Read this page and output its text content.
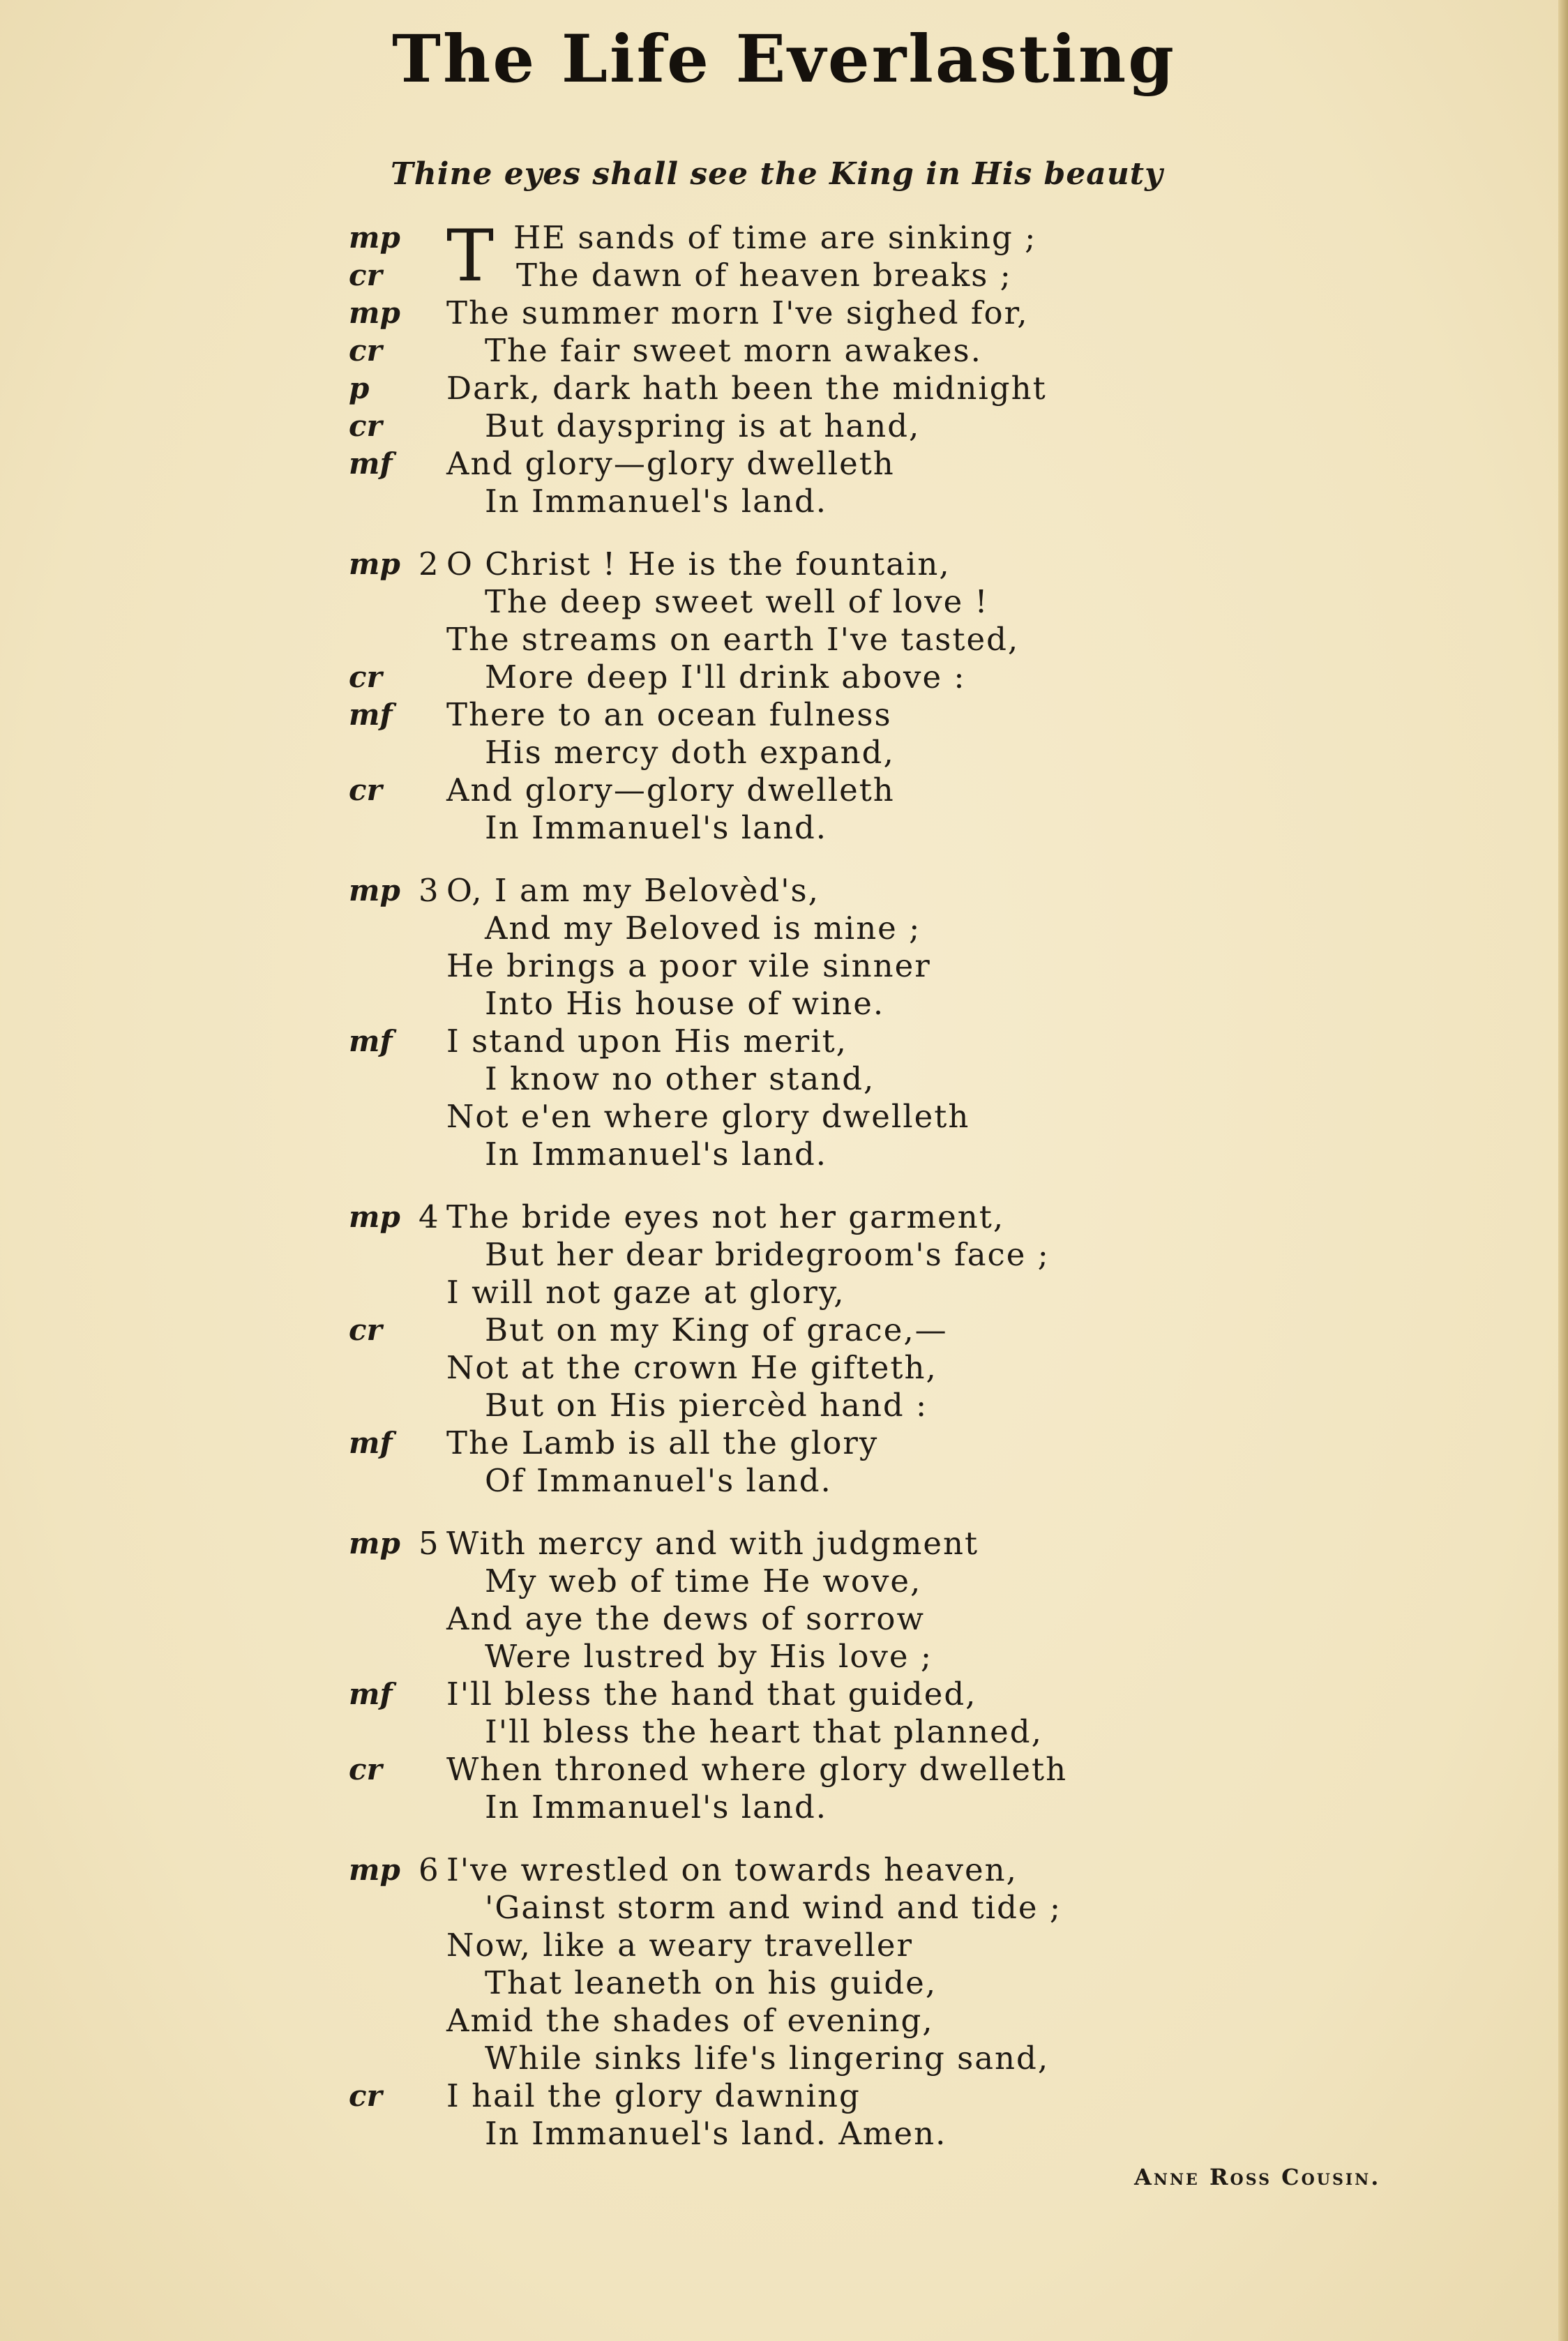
The Life Everlasting
Thine eyes shall see the King in His beauty
T
mp	HE sands of time are sinking ;
cr	The dawn of heaven breaks ;
mp The summer morn I've sighed for,
cr	The fair sweet morn awakes.
p Dark, dark hath been the midnight
cr	But dayspring is at hand,
mf And glory—glory dwelleth
In Immanuel's land.
mp 2 O Christ ! He is the fountain,
The deep sweet well of love !
The streams on earth I've tasted,
cr	More deep I'll drink above :
mf There to an ocean fulness
His mercy doth expand,
cr And glory—glory dwelleth
In Immanuel's land.
mp 3 O, I am my Belovèd's,
And my Beloved is mine ;
He brings a poor vile sinner
Into His house of wine.
mf I stand upon His merit,
I know no other stand,
Not e'en where glory dwelleth
In Immanuel's land.
mp 4 The bride eyes not her garment,
But her dear bridegroom's face ;
I will not gaze at glory,
cr	But on my King of grace,—
Not at the crown He gifteth,
But on His piercèd hand :
mf The Lamb is all the glory
Of Immanuel's land.
mp 5 With mercy and with judgment
My web of time He wove,
And aye the dews of sorrow
Were lustred by His love ;
mf I'll bless the hand that guided,
I'll bless the heart that planned,
cr When throned where glory dwelleth
In Immanuel's land.
mp 6 I've wrestled on towards heaven,
'Gainst storm and wind and tide ;
Now, like a weary traveller
That leaneth on his guide,
Amid the shades of evening,
While sinks life's lingering sand,
cr I hail the glory dawning
In Immanuel's land. Amen.
Anne Ross Cousin.
